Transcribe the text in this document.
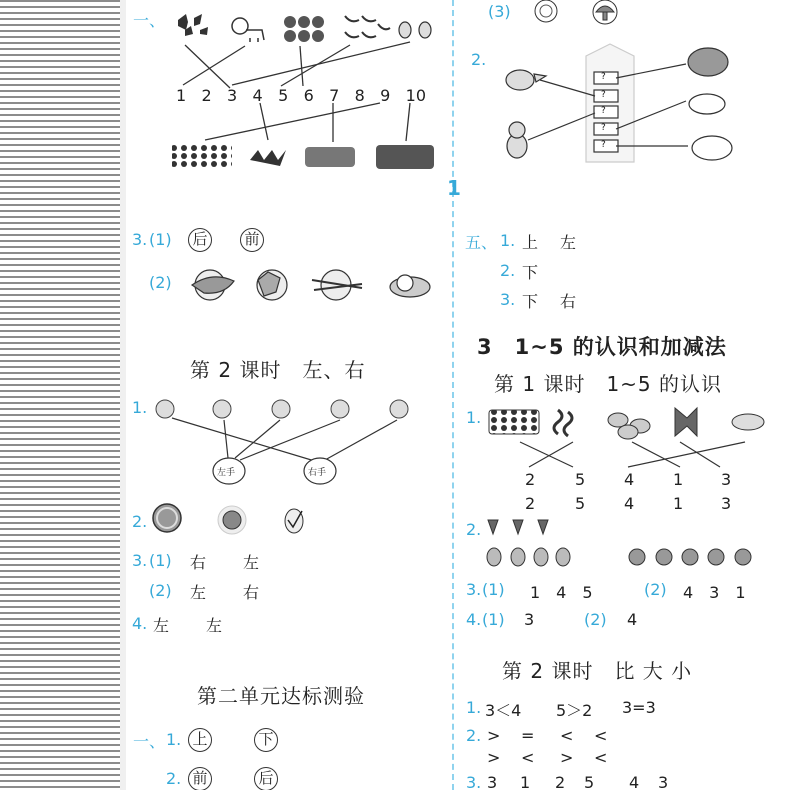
一、
1 2 3 4 5 6 7 8 9 10
3. (1) 后	前
(2)
第 2 课时　左、右
1.
左手	右手
2.
3. (1) 右 左
(2) 左 右
4. 左 左
第二单元达标测验
一、 1. 上	下
2. 前	后
(3)
2.
?
?
?
?
?
1
五、 1. 上 左
2. 下
3. 下 右
3　1~5 的认识和加减法
第 1 课时　1~5 的认识
1.
2 5 4 1 3
2 5 4 1 3
2.
3. (1) 1　4　5	(2) 4　3　1
4. (1) 3	(2) 4
第 2 课时　比 大 小
1. 3＜4 5＞2 3=3
2. > = < <
> < > <
3. 3 1 2 5 4 3
